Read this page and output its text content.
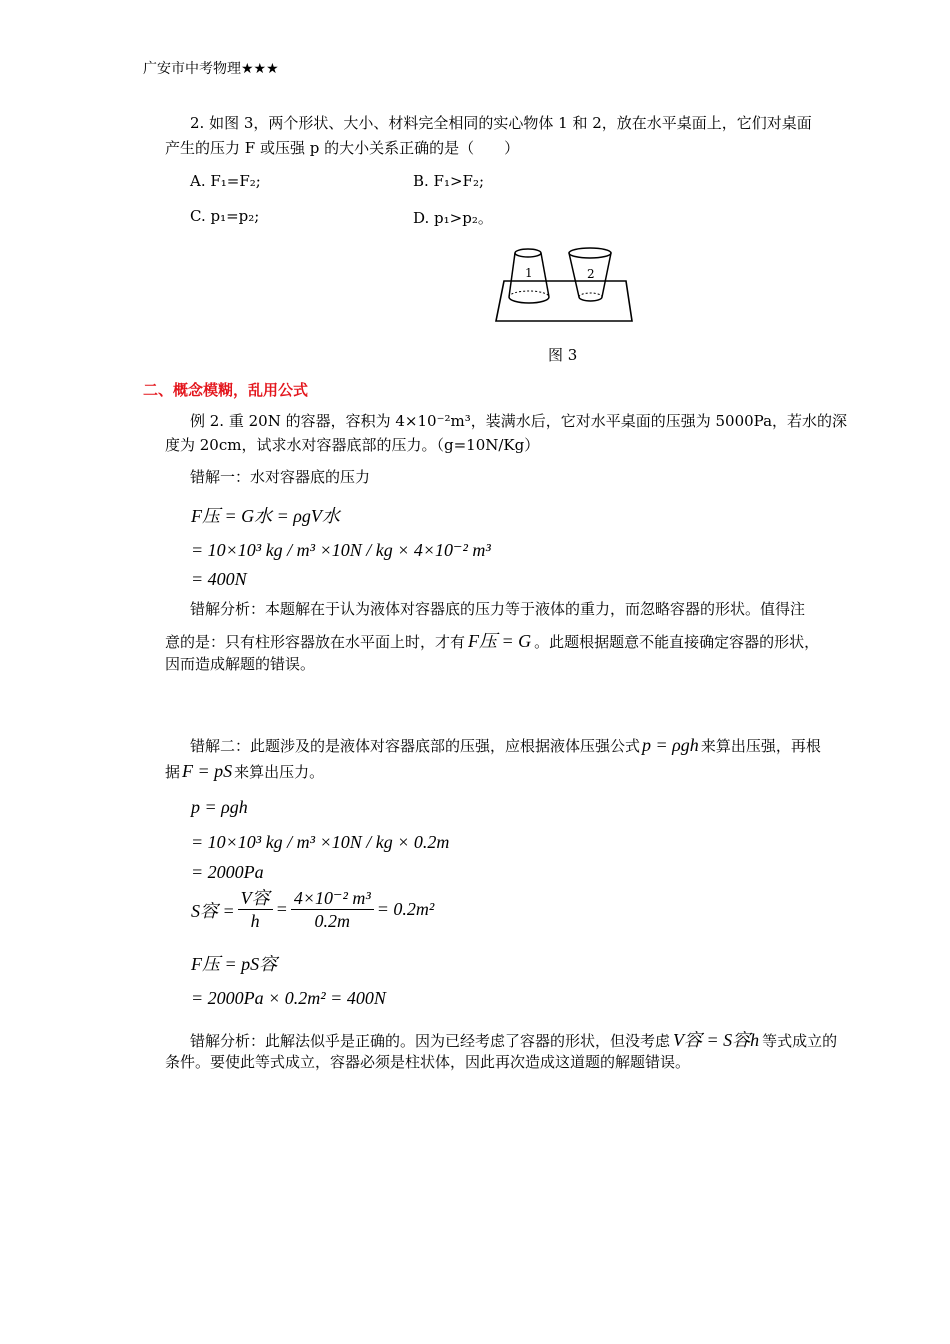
广安市中考物理★★★
2. 如图 3，两个形状、大小、材料完全相同的实心物体 1 和 2，放在水平桌面上，它们对桌面
产生的压力 F 或压强 p 的大小关系正确的是（　　）
A. F₁=F₂;	B. F₁>F₂;
C. p₁=p₂;	D. p₁>p₂。
1	2
图 3
二、概念模糊，乱用公式
例 2. 重 20N 的容器，容积为 4×10⁻²m³，装满水后，它对水平桌面的压强为 5000Pa，若水的深
度为 20cm，试求水对容器底部的压力。（g=10N/Kg）
错解一：水对容器底的压力
F压 = G水 = ρgV水
= 10×10³ kg / m³ ×10N / kg × 4×10⁻² m³
= 400N
错解分析：本题解在于认为液体对容器底的压力等于液体的重力，而忽略容器的形状。值得注
意的是：只有柱形容器放在水平面上时，才有 F压 = G 。此题根据题意不能直接确定容器的形状，
因而造成解题的错误。
错解二：此题涉及的是液体对容器底部的压强，应根据液体压强公式 p = ρgh 来算出压强，再根
据 F = pS 来算出压力。
p = ρgh
= 10×10³ kg / m³ ×10N / kg × 0.2m
= 2000Pa
S容 = $\frac{\text{V容}}{h} = \frac{\text{4×10⁻² m³}}{0.2m} = 0.2m^2$
F压 = pS容
= 2000Pa × 0.2m² = 400N
错解分析：此解法似乎是正确的。因为已经考虑了容器的形状，但没考虑 V容 = S容h 等式成立的
条件。要使此等式成立，容器必须是柱状体，因此再次造成这道题的解题错误。
